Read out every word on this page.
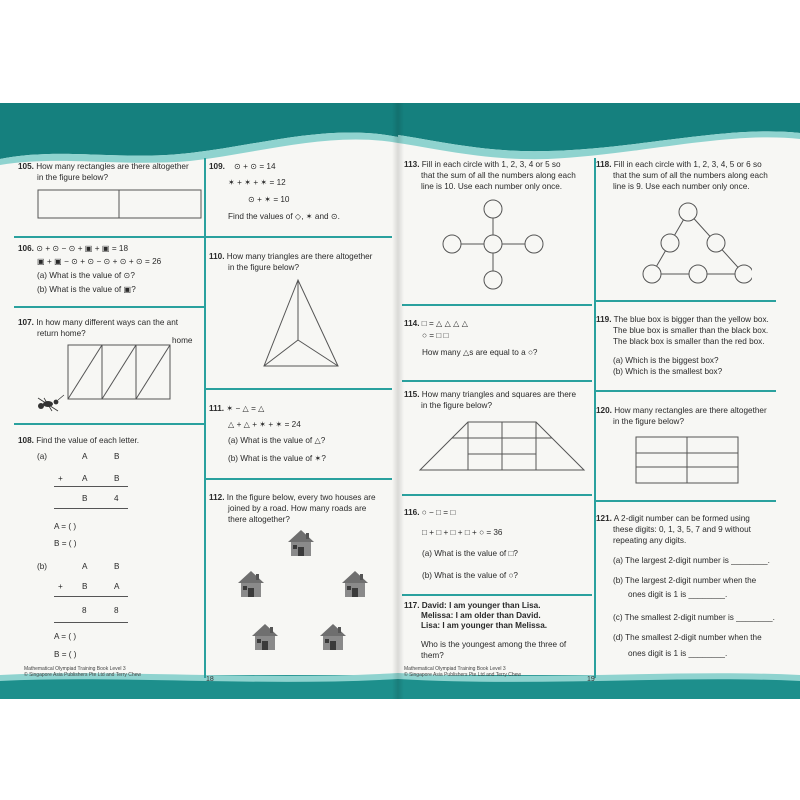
105. How many rectangles are there altogether
in the figure below?
106. ⊙ + ⊙ − ⊙ + ▣ + ▣ = 18
▣ + ▣ − ⊙ + ⊙ − ⊙ + ⊙ + ⊙ = 26
(a) What is the value of ⊙?
(b) What is the value of ▣?
107. In how many different ways can the ant
return home?
home
108. Find the value of each letter.
(a)	A	B
+ A	B
B	4
A = ( )
B = ( )
(b)	A	B
+ B	A
8	8
A = ( )
B = ( )
109. ⊙ + ⊙ = 14
✶ + ✶ + ✶ = 12
⊙ + ✶ = 10
Find the values of ◇, ✶ and ⊙.
110. How many triangles are there altogether
in the figure below?
111. ✶ − △ = △
△ + △ + ✶ + ✶ = 24
(a) What is the value of △?
(b) What is the value of ✶?
112. In the figure below, every two houses are
joined by a road. How many roads are
there altogether?
Mathematical Olympiad Training Book Level 3
© Singapore Asia Publishers Pte Ltd and Terry Chew
18
113. Fill in each circle with 1, 2, 3, 4 or 5 so
that the sum of all the numbers along each
line is 10. Use each number only once.
114. □ = △ △ △ △
○ = □ □
How many △s are equal to a ○?
115. How many triangles and squares are there
in the figure below?
116. ○ − □ = □
□ + □ + □ + □ + ○ = 36
(a) What is the value of □?
(b) What is the value of ○?
117. David: I am younger than Lisa.
Melissa: I am older than David.
Lisa: I am younger than Melissa.
Who is the youngest among the three of
them?
118. Fill in each circle with 1, 2, 3, 4, 5 or 6 so
that the sum of all the numbers along each
line is 9. Use each number only once.
119. The blue box is bigger than the yellow box.
The blue box is smaller than the black box.
The black box is smaller than the red box.
(a) Which is the biggest box?
(b) Which is the smallest box?
120. How many rectangles are there altogether
in the figure below?
121. A 2-digit number can be formed using
these digits: 0, 1, 3, 5, 7 and 9 without
repeating any digits.
(a) The largest 2-digit number is ________.
(b) The largest 2-digit number when the
ones digit is 1 is ________.
(c) The smallest 2-digit number is ________.
(d) The smallest 2-digit number when the
ones digit is 1 is ________.
Mathematical Olympiad Training Book Level 3
© Singapore Asia Publishers Pte Ltd and Terry Chew
19
